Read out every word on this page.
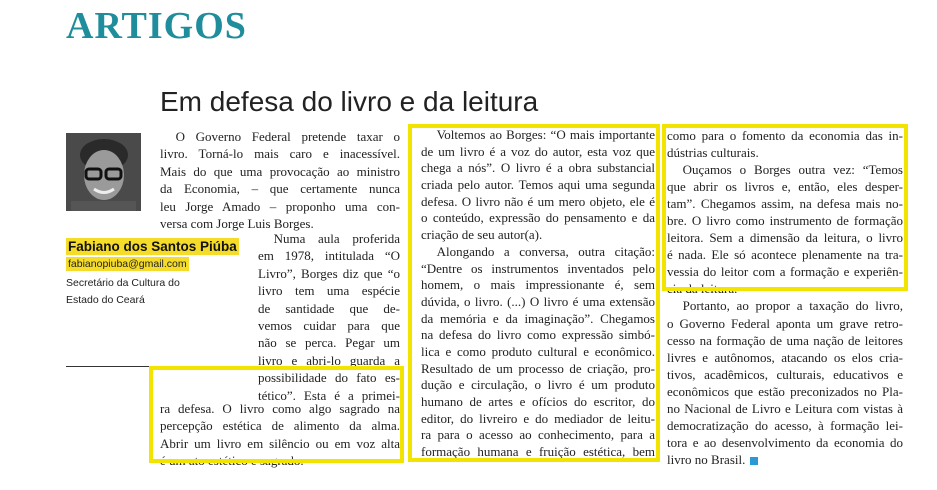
ARTIGOS
Em defesa do livro e da leitura
Fabiano dos Santos Piúba
fabianopiuba@gmail.com
Secretário da Cultura do
Estado do Ceará
O Governo Federal pretende taxar o
livro. Torná-lo mais caro e inacessível.
Mais do que uma provocação ao ministro
da Economia, – que certamente nunca
leu Jorge Amado – proponho uma con-
versa com Jorge Luis Borges.
Numa aula proferida
em 1978, intitulada “O
Livro”, Borges diz que “o
livro tem uma espécie
de santidade que de-
vemos cuidar para que
não se perca. Pegar um
livro e abri-lo guarda a
possibilidade do fato es-
tético”. Esta é a primei-
ra defesa. O livro como algo sagrado na
percepção estética de alimento da alma.
Abrir um livro em silêncio ou em voz alta
é um ato estético e sagrado.
Voltemos ao Borges: “O mais importante
de um livro é a voz do autor, esta voz que
chega a nós”. O livro é a obra substancial
criada pelo autor. Temos aqui uma segunda
defesa. O livro não é um mero objeto, ele é
o conteúdo, expressão do pensamento e da
criação de seu autor(a).
Alongando a conversa, outra citação:
“Dentre os instrumentos inventados pelo
homem, o mais impressionante é, sem
dúvida, o livro. (...) O livro é uma extensão
da memória e da imaginação”. Chegamos
na defesa do livro como expressão simbó-
lica e como produto cultural e econômico.
Resultado de um processo de criação, pro-
dução e circulação, o livro é um produto
humano de artes e ofícios do escritor, do
editor, do livreiro e do mediador de leitu-
ra para o acesso ao conhecimento, para a
formação humana e fruição estética, bem
como para o fomento da economia das in-
dústrias culturais.
Ouçamos o Borges outra vez: “Temos
que abrir os livros e, então, eles desper-
tam”. Chegamos assim, na defesa mais no-
bre. O livro como instrumento de formação
leitora. Sem a dimensão da leitura, o livro
é nada. Ele só acontece plenamente na tra-
vessia do leitor com a formação e experiên-
cia da leitura.
Portanto, ao propor a taxação do livro,
o Governo Federal aponta um grave retro-
cesso na formação de uma nação de leitores
livres e autônomos, atacando os elos cria-
tivos, acadêmicos, culturais, educativos e
econômicos que estão preconizados no Pla-
no Nacional de Livro e Leitura com vistas à
democratização do acesso, à formação lei-
tora e ao desenvolvimento da economia do
livro no Brasil.
